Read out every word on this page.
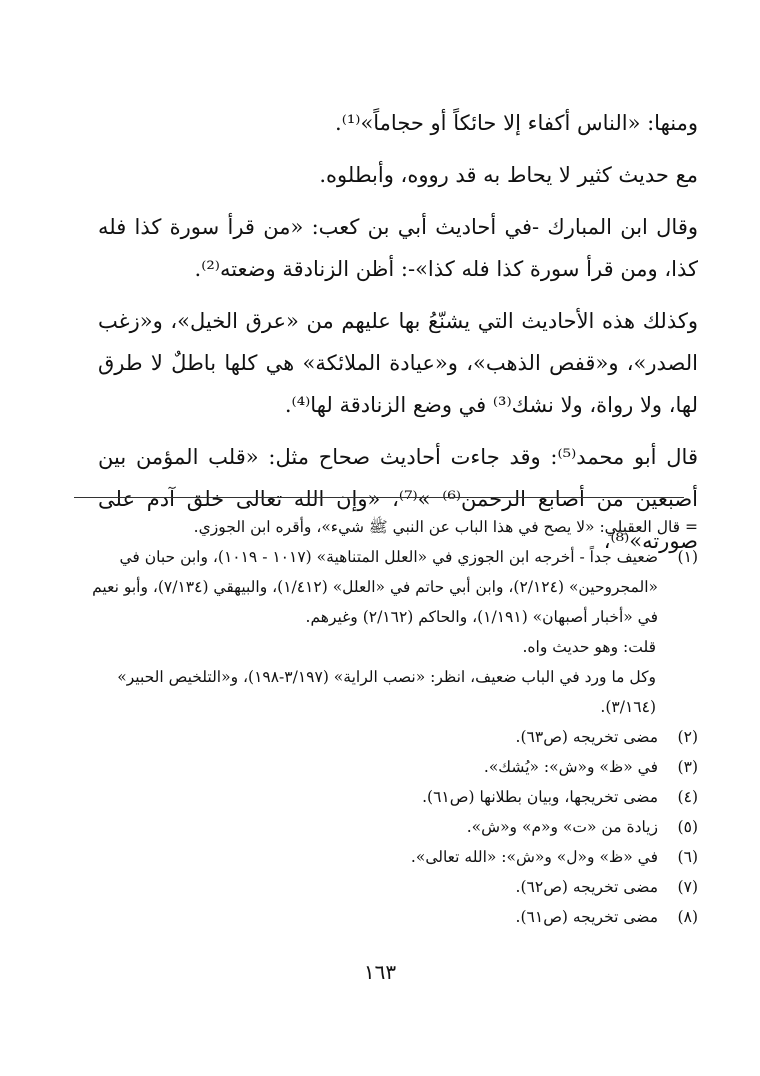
ومنها: «الناس أكفاء إلا حائكاً أو حجاماً»⁽¹⁾.

مع حديث كثير لا يحاط به قد رووه، وأبطلوه.

وقال ابن المبارك -في أحاديث أبي بن كعب: «من قرأ سورة كذا فله كذا، ومن قرأ سورة كذا فله كذا»-: أظن الزنادقة وضعته⁽²⁾.

وكذلك هذه الأحاديث التي يشنّعُ بها عليهم من «عرق الخيل»، و«زغب الصدر»، و«قفص الذهب»، و«عيادة الملائكة» هي كلها باطلٌ لا طرق لها، ولا رواة، ولا نشك⁽³⁾ في وضع الزنادقة لها⁽⁴⁾.

قال أبو محمد⁽⁵⁾: وقد جاءت أحاديث صحاح مثل: «قلب المؤمن بين أصبعين من أصابع الرحمن⁽⁶⁾ »⁽⁷⁾، «وإن الله تعالى خلق آدم على صورته»⁽⁸⁾،

= قال العقيلي: «لا يصح في هذا الباب عن النبي ﷺ شيء»، وأقره ابن الجوزي.

(١)
ضعيف جداً - أخرجه ابن الجوزي في «العلل المتناهية» (١٠١٧ - ١٠١٩)، وابن حبان في «المجروحين» (٢/١٢٤)، وابن أبي حاتم في «العلل» (١/٤١٢)، والبيهقي (٧/١٣٤)، وأبو نعيم في «أخبار أصبهان» (١/١٩١)، والحاكم (٢/١٦٢) وغيرهم.

قلت: وهو حديث واه.

وكل ما ورد في الباب ضعيف، انظر: «نصب الراية» (٣/١٩٧-١٩٨)، و«التلخيص الحبير» (٣/١٦٤).

(٢)
مضى تخريجه (ص٦٣).
(٣)
في «ظ» و«ش»: «يُشك».
(٤)
مضى تخريجها، وبيان بطلانها (ص٦١).
(٥)
زيادة من «ت» و«م» و«ش».
(٦)
في «ظ» و«ل» و«ش»: «الله تعالى».
(٧)
مضى تخريجه (ص٦٢).
(٨)
مضى تخريجه (ص٦١).
١٦٣
